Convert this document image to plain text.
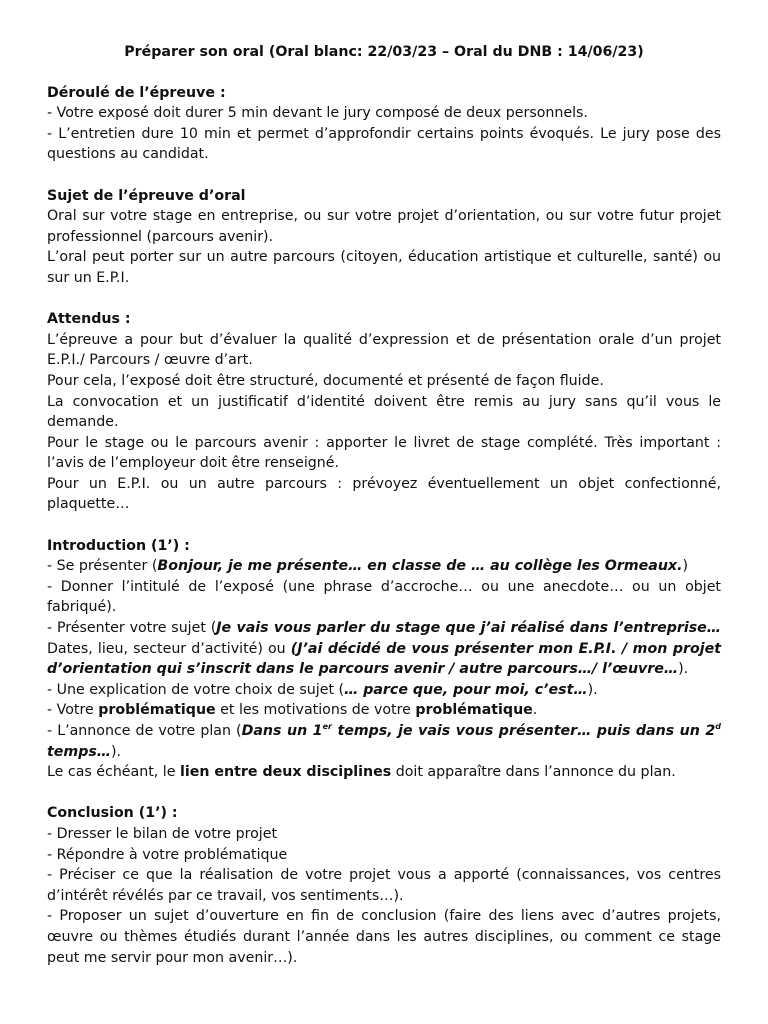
Préparer son oral (Oral blanc: 22/03/23 – Oral du DNB : 14/06/23)
Déroulé de l’épreuve :

- Votre exposé doit durer 5 min devant le jury composé de deux personnels.

- L’entretien dure 10 min et permet d’approfondir certains points évoqués. Le jury pose des questions au candidat.

Sujet de l’épreuve d’oral

Oral sur votre stage en entreprise, ou sur votre projet d’orientation, ou sur votre futur projet professionnel (parcours avenir).

L’oral peut porter sur un autre parcours (citoyen, éducation artistique et culturelle, santé) ou sur un E.P.I.

Attendus :

L’épreuve a pour but d’évaluer la qualité d’expression et de présentation orale d’un projet E.P.I./ Parcours / œuvre d’art.

Pour cela, l’exposé doit être structuré, documenté et présenté de façon fluide.

La convocation et un justificatif d’identité doivent être remis au jury sans qu’il vous le demande.

Pour le stage ou le parcours avenir : apporter le livret de stage complété. Très important : l’avis de l’employeur doit être renseigné.

Pour un E.P.I. ou un autre parcours : prévoyez éventuellement un objet confectionné, plaquette…

Introduction (1’) :

- Se présenter (Bonjour, je me présente… en classe de … au collège les Ormeaux.)

- Donner l’intitulé de l’exposé (une phrase d’accroche… ou une anecdote… ou un objet fabriqué).

- Présenter votre sujet (Je vais vous parler du stage que j’ai réalisé dans l’entreprise… Dates, lieu, secteur d’activité) ou (J’ai décidé de vous présenter mon E.P.I. / mon projet d’orientation qui s’inscrit dans le parcours avenir / autre parcours…/ l’œuvre…).

- Une explication de votre choix de sujet (… parce que, pour moi, c’est…).

- Votre problématique et les motivations de votre problématique.

- L’annonce de votre plan (Dans un 1er temps, je vais vous présenter… puis dans un 2$^d$ temps…).

Le cas échéant, le lien entre deux disciplines doit apparaître dans l’annonce du plan.

Conclusion (1’) :

- Dresser le bilan de votre projet

- Répondre à votre problématique

- Préciser ce que la réalisation de votre projet vous a apporté (connaissances, vos centres d’intérêt révélés par ce travail, vos sentiments…).

- Proposer un sujet d’ouverture en fin de conclusion (faire des liens avec d’autres projets, œuvre ou thèmes étudiés durant l’année dans les autres disciplines, ou comment ce stage peut me servir pour mon avenir…).
